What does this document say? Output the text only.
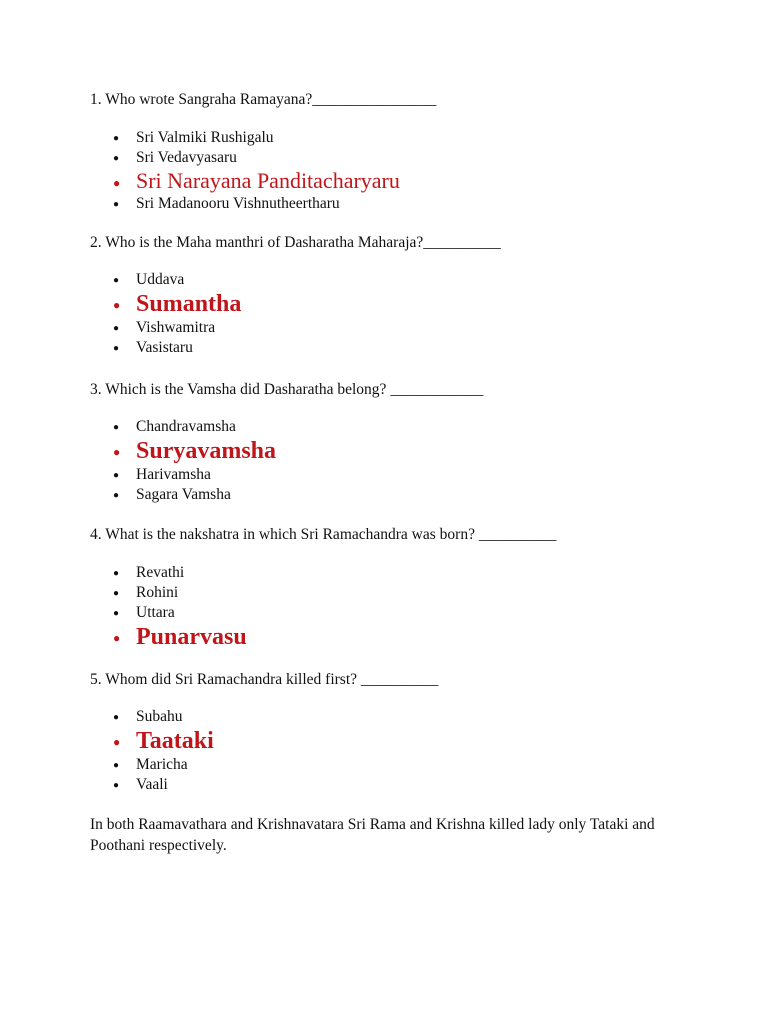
1. Who wrote Sangraha Ramayana?________________
● Sri Valmiki Rushigalu
● Sri Vedavyasaru
● Sri Narayana Panditacharyaru
● Sri Madanooru Vishnutheertharu
2. Who is the Maha manthri of Dasharatha Maharaja?__________
● Uddava
● Sumantha
● Vishwamitra
● Vasistaru
3. Which is the Vamsha did Dasharatha belong? ____________
● Chandravamsha
● Suryavamsha
● Harivamsha
● Sagara Vamsha
4. What is the nakshatra in which Sri Ramachandra was born? __________
● Revathi
● Rohini
● Uttara
● Punarvasu
5. Whom did Sri Ramachandra killed first? __________
● Subahu
● Taataki
● Maricha
● Vaali
In both Raamavathara and Krishnavatara Sri Rama and Krishna killed lady only Tataki and Poothani respectively.
